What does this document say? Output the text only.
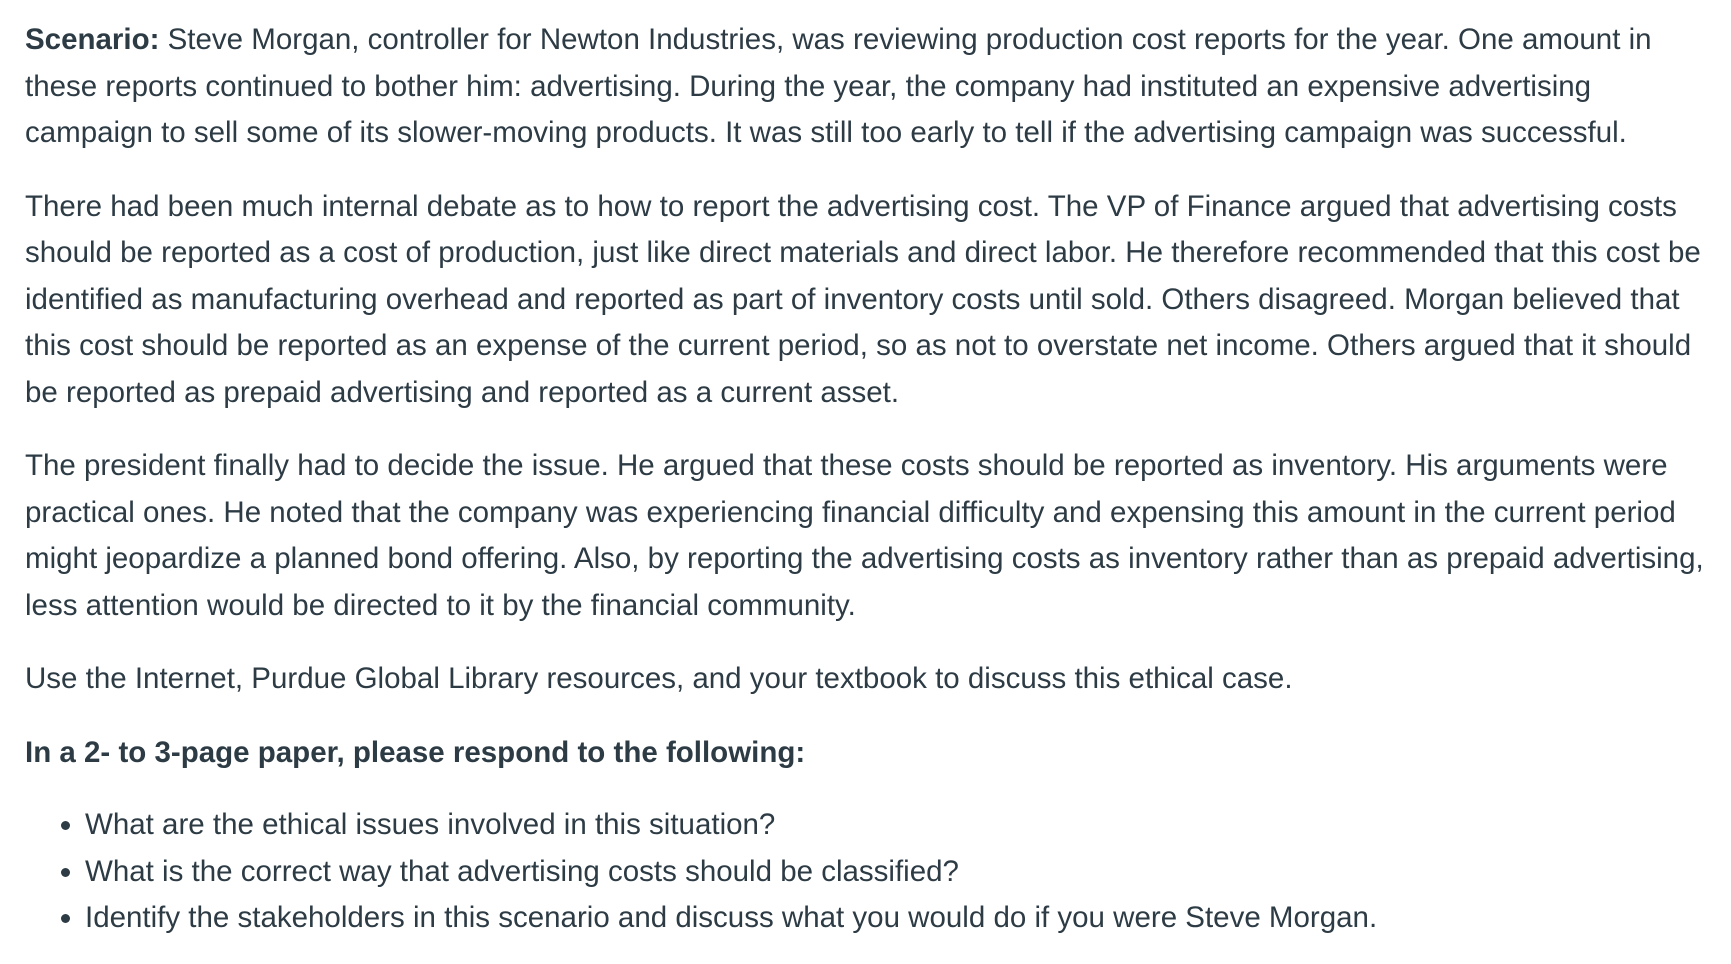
Scenario: Steve Morgan, controller for Newton Industries, was reviewing production cost reports for the year. One amount in these reports continued to bother him: advertising. During the year, the company had instituted an expensive advertising campaign to sell some of its slower-moving products. It was still too early to tell if the advertising campaign was successful.

There had been much internal debate as to how to report the advertising cost. The VP of Finance argued that advertising costs should be reported as a cost of production, just like direct materials and direct labor. He therefore recommended that this cost be identified as manufacturing overhead and reported as part of inventory costs until sold. Others disagreed. Morgan believed that this cost should be reported as an expense of the current period, so as not to overstate net income. Others argued that it should be reported as prepaid advertising and reported as a current asset.

The president finally had to decide the issue. He argued that these costs should be reported as inventory. His arguments were practical ones. He noted that the company was experiencing financial difficulty and expensing this amount in the current period might jeopardize a planned bond offering. Also, by reporting the advertising costs as inventory rather than as prepaid advertising, less attention would be directed to it by the financial community.

Use the Internet, Purdue Global Library resources, and your textbook to discuss this ethical case.

In a 2- to 3-page paper, please respond to the following:

• What are the ethical issues involved in this situation?
• What is the correct way that advertising costs should be classified?
• Identify the stakeholders in this scenario and discuss what you would do if you were Steve Morgan.
